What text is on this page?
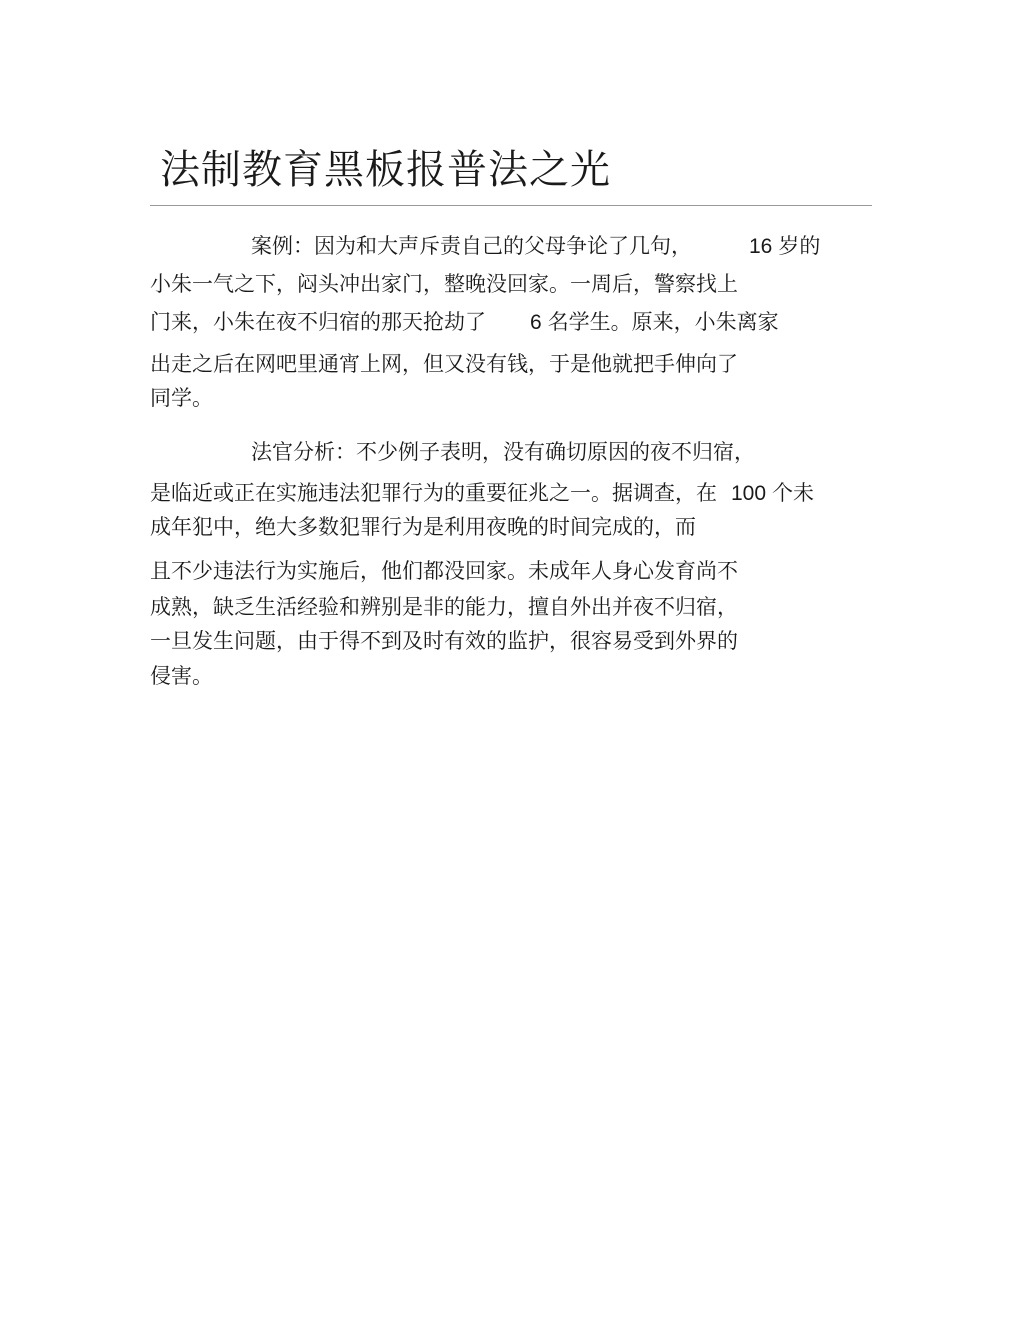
法制教育黑板报普法之光

案例：因为和大声斥责自己的父母争论了几句，	16 岁的

小朱一气之下，闷头冲出家门，整晚没回家。一周后，警察找上

门来，小朱在夜不归宿的那天抢劫了 6 名学生。原来，小朱离家

出走之后在网吧里通宵上网，但又没有钱，于是他就把手伸向了

同学。

法官分析：不少例子表明，没有确切原因的夜不归宿，

是临近或正在实施违法犯罪行为的重要征兆之一。据调查，在 100 个未

成年犯中，绝大多数犯罪行为是利用夜晚的时间完成的，而

且不少违法行为实施后，他们都没回家。未成年人身心发育尚不

成熟，缺乏生活经验和辨别是非的能力，擅自外出并夜不归宿，

一旦发生问题，由于得不到及时有效的监护，很容易受到外界的

侵害。
